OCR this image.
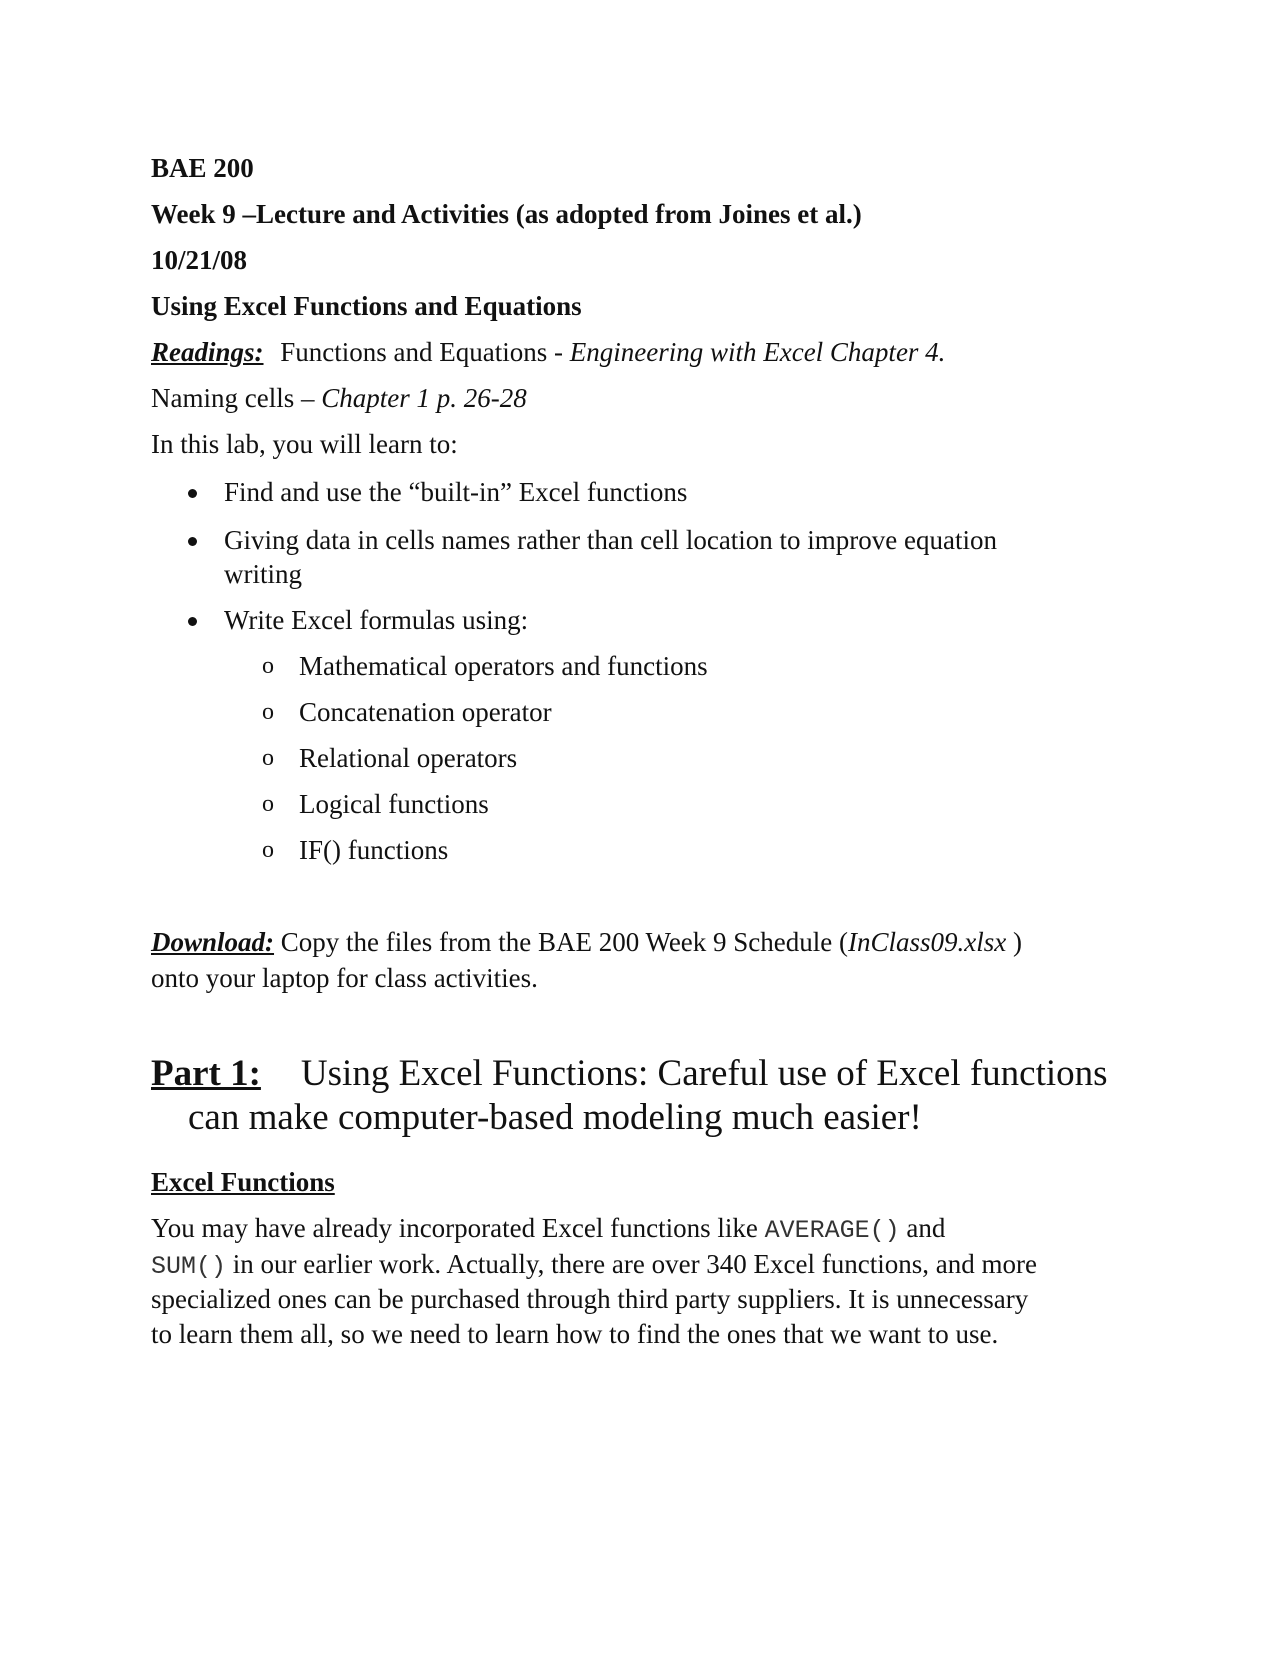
BAE 200
Week 9 –Lecture and Activities (as adopted from Joines et al.)
10/21/08
Using Excel Functions and Equations
Readings: Functions and Equations - Engineering with Excel Chapter 4.
Naming cells – Chapter 1 p. 26-28
In this lab, you will learn to:
Find and use the “built-in” Excel functions
Giving data in cells names rather than cell location to improve equation
writing
Write Excel formulas using:
o Mathematical operators and functions
o Concatenation operator
o Relational operators
o Logical functions
o IF() functions
Download: Copy the files from the BAE 200 Week 9 Schedule (InClass09.xlsx )
onto your laptop for class activities.
Part 1: Using Excel Functions: Careful use of Excel functions
can make computer-based modeling much easier!
Excel Functions
You may have already incorporated Excel functions like AVERAGE() and
SUM() in our earlier work. Actually, there are over 340 Excel functions, and more
specialized ones can be purchased through third party suppliers. It is unnecessary
to learn them all, so we need to learn how to find the ones that we want to use.
